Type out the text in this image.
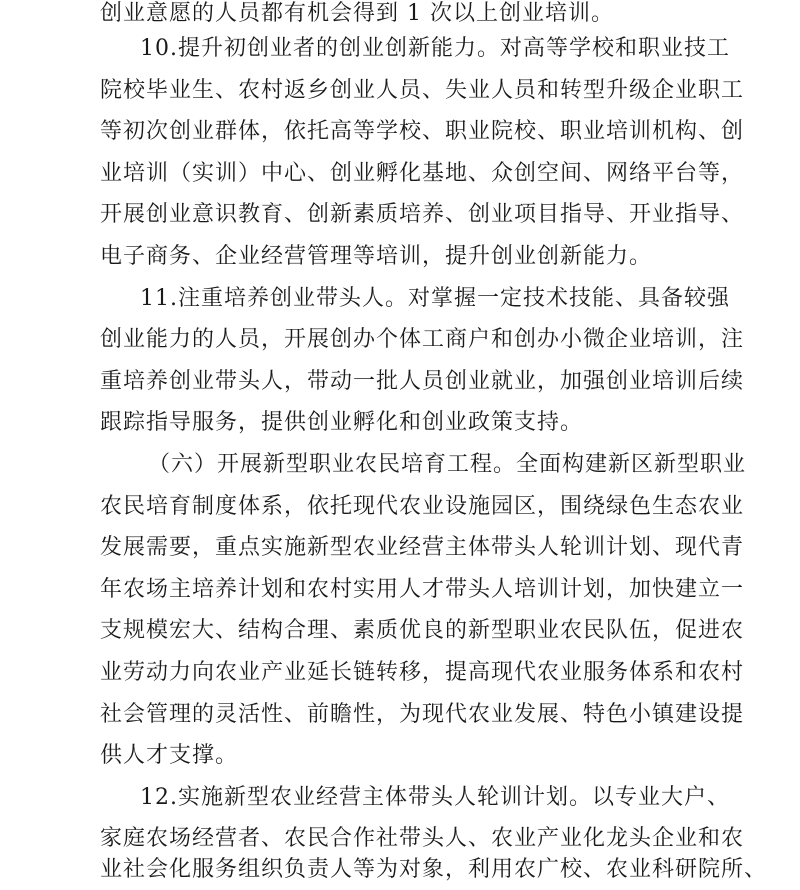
创业意愿的人员都有机会得到 1 次以上创业培训。
10.提升初创业者的创业创新能力。对高等学校和职业技工
院校毕业生、农村返乡创业人员、失业人员和转型升级企业职工
等初次创业群体，依托高等学校、职业院校、职业培训机构、创
业培训（实训）中心、创业孵化基地、众创空间、网络平台等，
开展创业意识教育、创新素质培养、创业项目指导、开业指导、
电子商务、企业经营管理等培训，提升创业创新能力。
11.注重培养创业带头人。对掌握一定技术技能、具备较强
创业能力的人员，开展创办个体工商户和创办小微企业培训，注
重培养创业带头人，带动一批人员创业就业，加强创业培训后续
跟踪指导服务，提供创业孵化和创业政策支持。
（六）开展新型职业农民培育工程。全面构建新区新型职业
农民培育制度体系，依托现代农业设施园区，围绕绿色生态农业
发展需要，重点实施新型农业经营主体带头人轮训计划、现代青
年农场主培养计划和农村实用人才带头人培训计划，加快建立一
支规模宏大、结构合理、素质优良的新型职业农民队伍，促进农
业劳动力向农业产业延长链转移，提高现代农业服务体系和农村
社会管理的灵活性、前瞻性，为现代农业发展、特色小镇建设提
供人才支撑。
12.实施新型农业经营主体带头人轮训计划。以专业大户、
家庭农场经营者、农民合作社带头人、农业产业化龙头企业和农
业社会化服务组织负责人等为对象，利用农广校、农业科研院所、
